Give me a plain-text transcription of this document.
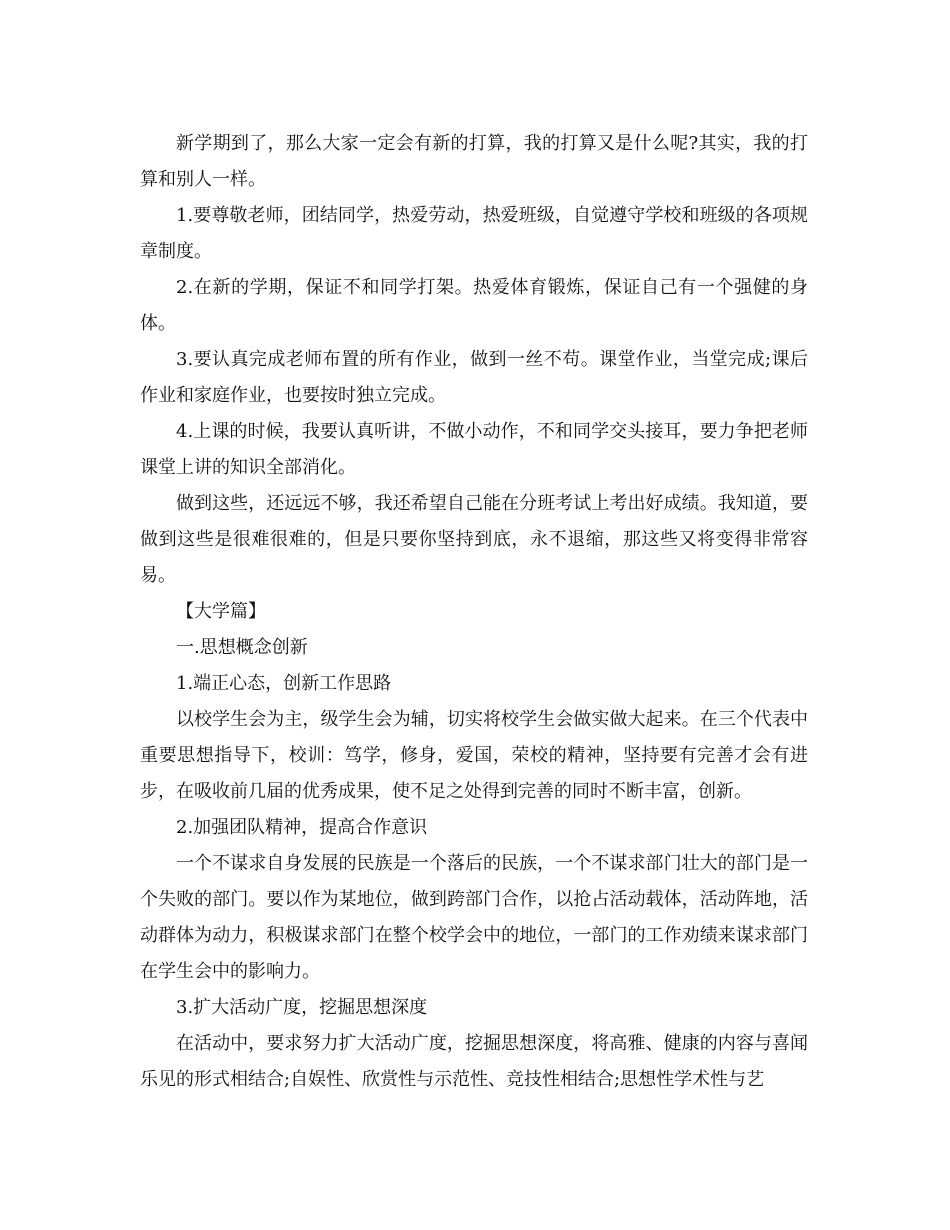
新学期到了，那么大家一定会有新的打算，我的打算又是什么呢?其实，我的打算和别人一样。

1.要尊敬老师，团结同学，热爱劳动，热爱班级，自觉遵守学校和班级的各项规章制度。

2.在新的学期，保证不和同学打架。热爱体育锻炼，保证自己有一个强健的身体。

3.要认真完成老师布置的所有作业，做到一丝不苟。课堂作业，当堂完成;课后作业和家庭作业，也要按时独立完成。

4.上课的时候，我要认真听讲，不做小动作，不和同学交头接耳，要力争把老师课堂上讲的知识全部消化。

做到这些，还远远不够，我还希望自己能在分班考试上考出好成绩。我知道，要做到这些是很难很难的，但是只要你坚持到底，永不退缩，那这些又将变得非常容易。

【大学篇】

一.思想概念创新

1.端正心态，创新工作思路

以校学生会为主，级学生会为辅，切实将校学生会做实做大起来。在三个代表中重要思想指导下，校训：笃学，修身，爱国，荣校的精神，坚持要有完善才会有进步，在吸收前几届的优秀成果，使不足之处得到完善的同时不断丰富，创新。

2.加强团队精神，提高合作意识

一个不谋求自身发展的民族是一个落后的民族，一个不谋求部门壮大的部门是一个失败的部门。要以作为某地位，做到跨部门合作，以抢占活动载体，活动阵地，活动群体为动力，积极谋求部门在整个校学会中的地位，一部门的工作劝绩来谋求部门在学生会中的影响力。

3.扩大活动广度，挖掘思想深度

在活动中，要求努力扩大活动广度，挖掘思想深度，将高雅、健康的内容与喜闻乐见的形式相结合;自娱性、欣赏性与示范性、竞技性相结合;思想性学术性与艺
